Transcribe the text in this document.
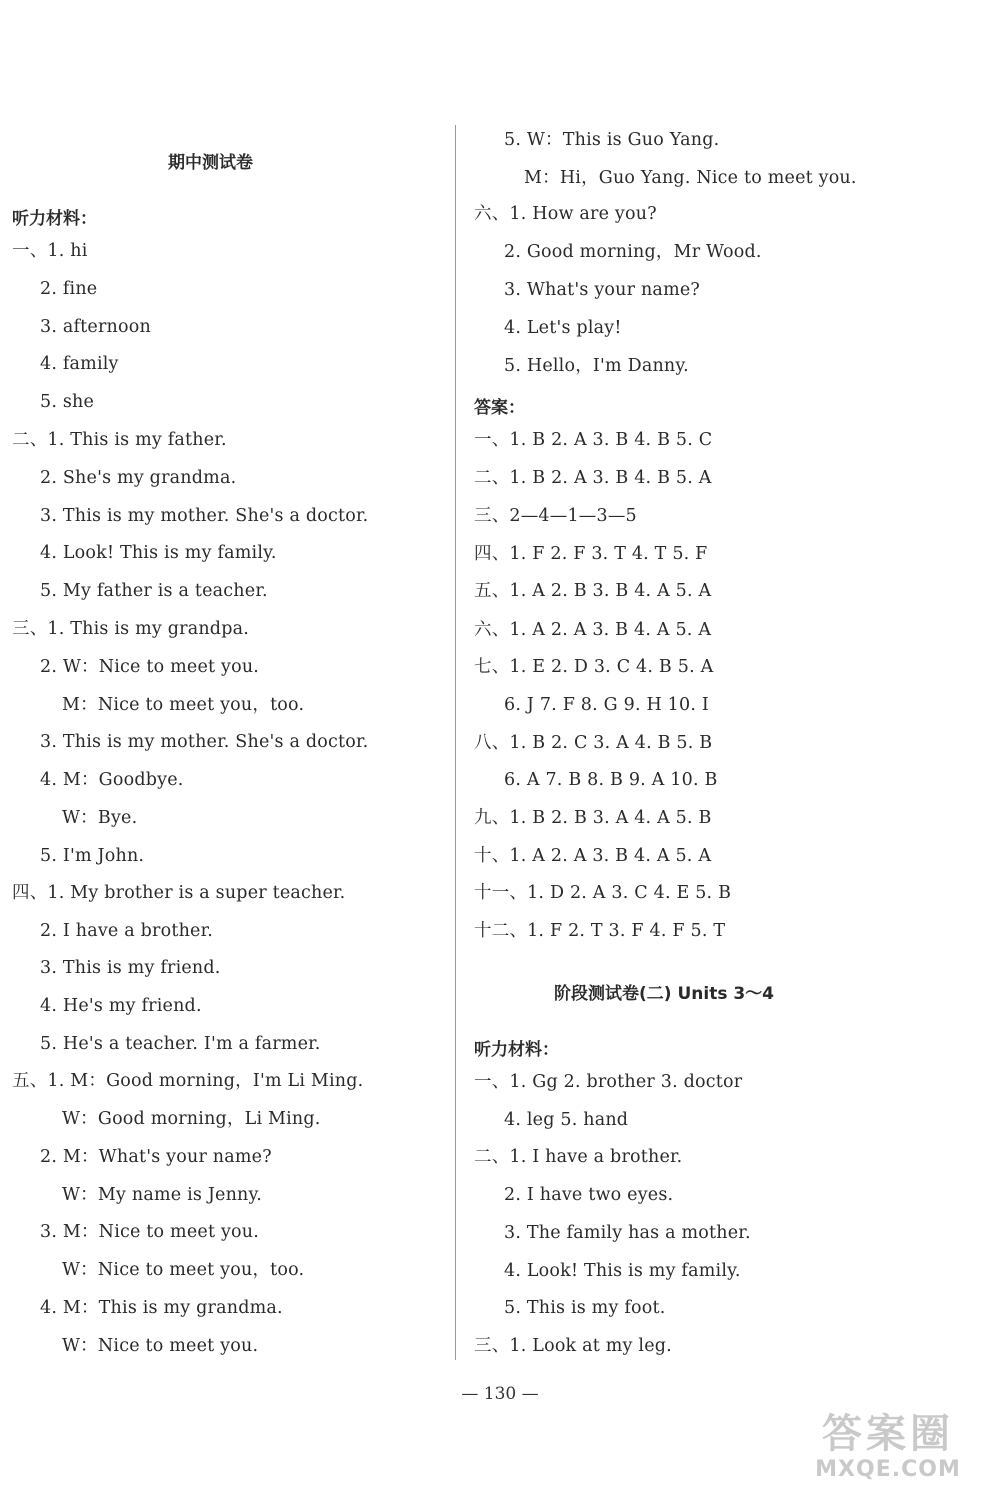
期中测试卷
听力材料：
一、1. hi
2. fine
3. afternoon
4. family
5. she
二、1. This is my father.
2. She's my grandma.
3. This is my mother. She's a doctor.
4. Look! This is my family.
5. My father is a teacher.
三、1. This is my grandpa.
2. W：Nice to meet you.
M：Nice to meet you，too.
3. This is my mother. She's a doctor.
4. M：Goodbye.
W：Bye.
5. I'm John.
四、1. My brother is a super teacher.
2. I have a brother.
3. This is my friend.
4. He's my friend.
5. He's a teacher. I'm a farmer.
五、1. M：Good morning，I'm Li Ming.
W：Good morning，Li Ming.
2. M：What's your name?
W：My name is Jenny.
3. M：Nice to meet you.
W：Nice to meet you，too.
4. M：This is my grandma.
W：Nice to meet you.
5. W：This is Guo Yang.
M：Hi，Guo Yang. Nice to meet you.
六、1. How are you?
2. Good morning，Mr Wood.
3. What's your name?
4. Let's play!
5. Hello，I'm Danny.
答案：
一、1. B 2. A 3. B 4. B 5. C
二、1. B 2. A 3. B 4. B 5. A
三、2—4—1—3—5
四、1. F 2. F 3. T 4. T 5. F
五、1. A 2. B 3. B 4. A 5. A
六、1. A 2. A 3. B 4. A 5. A
七、1. E 2. D 3. C 4. B 5. A
6. J 7. F 8. G 9. H 10. I
八、1. B 2. C 3. A 4. B 5. B
6. A 7. B 8. B 9. A 10. B
九、1. B 2. B 3. A 4. A 5. B
十、1. A 2. A 3. B 4. A 5. A
十一、1. D 2. A 3. C 4. E 5. B
十二、1. F 2. T 3. F 4. F 5. T
阶段测试卷(二) Units 3～4
听力材料：
一、1. Gg 2. brother 3. doctor
4. leg 5. hand
二、1. I have a brother.
2. I have two eyes.
3. The family has a mother.
4. Look! This is my family.
5. This is my foot.
三、1. Look at my leg.
— 130 —
答案圈
MXQE.COM
